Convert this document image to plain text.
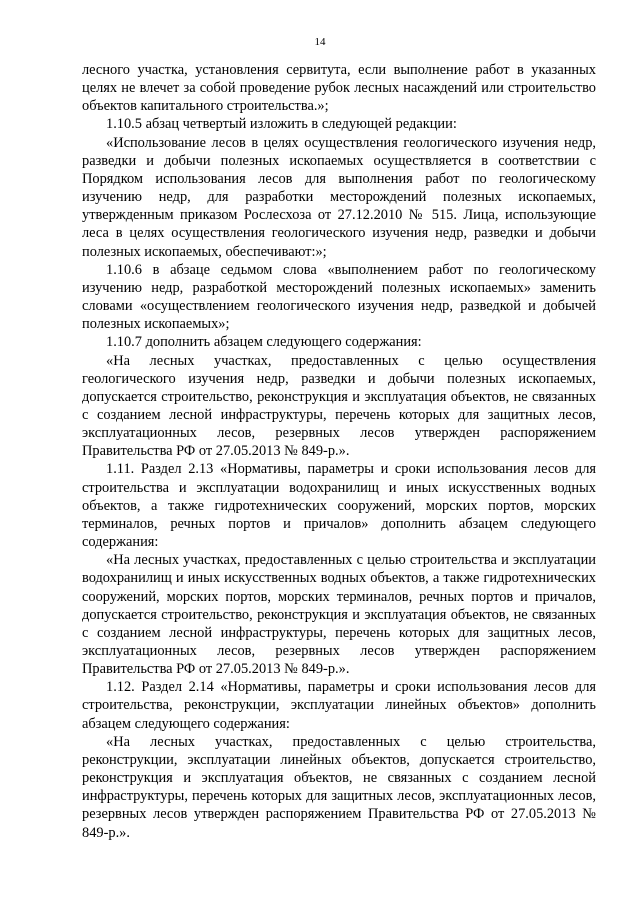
14

лесного участка, установления сервитута, если выполнение работ в указанных целях не влечет за собой проведение рубок лесных насаждений или строительство объектов капитального строительства.»;

1.10.5 абзац четвертый изложить в следующей редакции:

«Использование лесов в целях осуществления геологического изучения недр, разведки и добычи полезных ископаемых осуществляется в соответствии с Порядком использования лесов для выполнения работ по геологическому изучению недр, для разработки месторождений полезных ископаемых, утвержденным приказом Рослесхоза от 27.12.2010 № 515. Лица, использующие леса в целях осуществления геологического изучения недр, разведки и добычи полезных ископаемых, обеспечивают:»;

1.10.6 в абзаце седьмом слова «выполнением работ по геологическому изучению недр, разработкой месторождений полезных ископаемых» заменить словами «осуществлением геологического изучения недр, разведкой и добычей полезных ископаемых»;

1.10.7 дополнить абзацем следующего содержания:

«На лесных участках, предоставленных с целью осуществления геологического изучения недр, разведки и добычи полезных ископаемых, допускается строительство, реконструкция и эксплуатация объектов, не связанных с созданием лесной инфраструктуры, перечень которых для защитных лесов, эксплуатационных лесов, резервных лесов утвержден распоряжением Правительства РФ от 27.05.2013 № 849-р.».

1.11. Раздел 2.13 «Нормативы, параметры и сроки использования лесов для строительства и эксплуатации водохранилищ и иных искусственных водных объектов, а также гидротехнических сооружений, морских портов, морских терминалов, речных портов и причалов» дополнить абзацем следующего содержания:

«На лесных участках, предоставленных с целью строительства и эксплуатации водохранилищ и иных искусственных водных объектов, а также гидротехнических сооружений, морских портов, морских терминалов, речных портов и причалов, допускается строительство, реконструкция и эксплуатация объектов, не связанных с созданием лесной инфраструктуры, перечень которых для защитных лесов, эксплуатационных лесов, резервных лесов утвержден распоряжением Правительства РФ от 27.05.2013 № 849-р.».

1.12. Раздел 2.14 «Нормативы, параметры и сроки использования лесов для строительства, реконструкции, эксплуатации линейных объектов» дополнить абзацем следующего содержания:

«На лесных участках, предоставленных с целью строительства, реконструкции, эксплуатации линейных объектов, допускается строительство, реконструкция и эксплуатация объектов, не связанных с созданием лесной инфраструктуры, перечень которых для защитных лесов, эксплуатационных лесов, резервных лесов утвержден распоряжением Правительства РФ от 27.05.2013 № 849-р.».
